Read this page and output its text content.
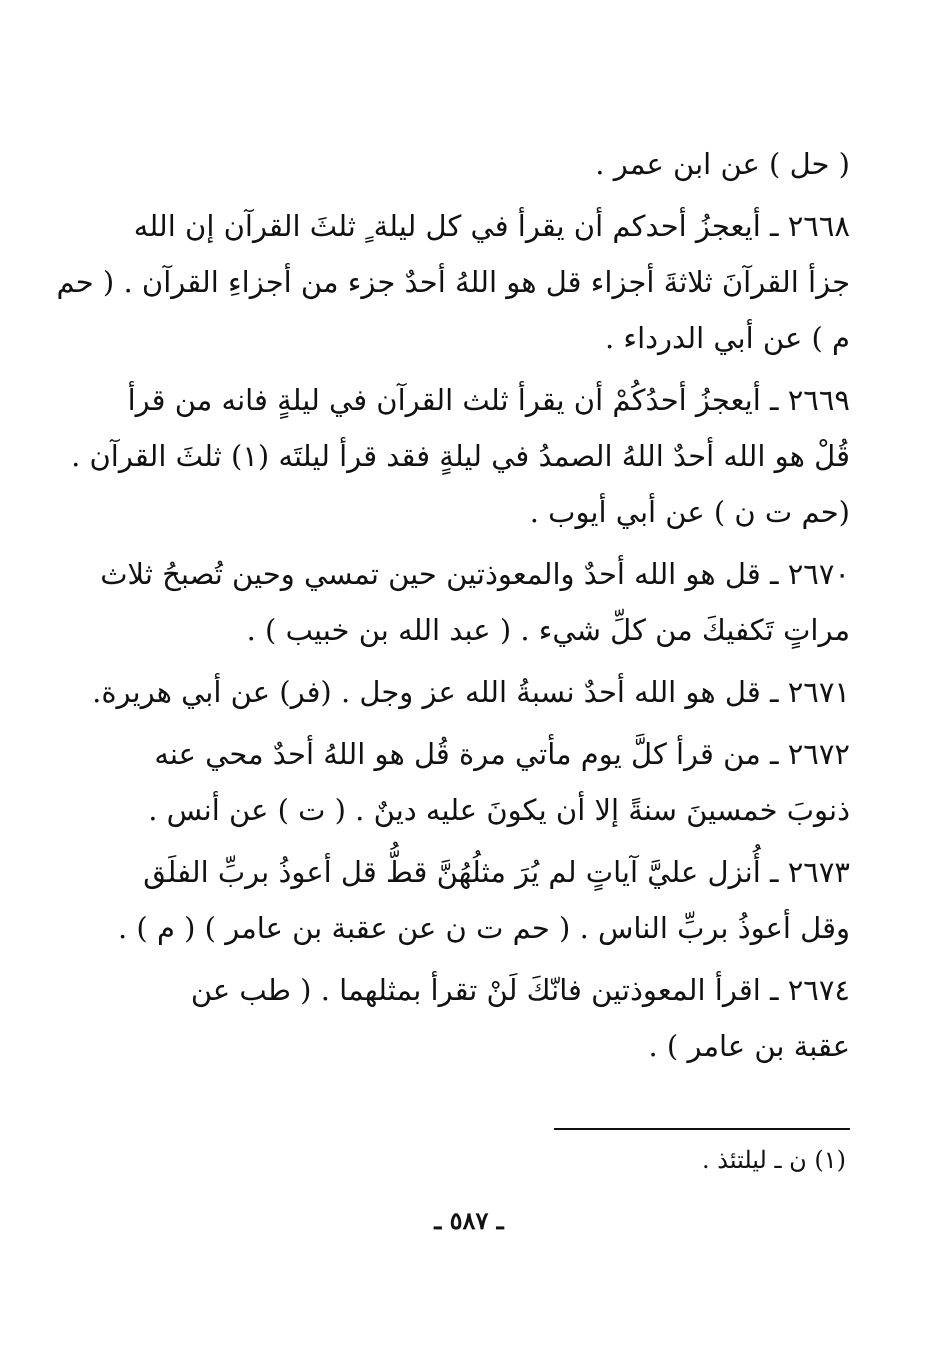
( حل ) عن ابن عمر .
٢٦٦٨ ـ أيعجزُ أحدكم أن يقرأ في كل ليلة ٍ ثلثَ القرآن إن الله
جزأ القرآنَ ثلاثةَ أجزاء قل هو اللهُ أحدٌ جزء من أجزاءِ القرآن . ( حم
م ) عن أبي الدرداء .
٢٦٦٩ ـ أيعجزُ أحدُكُمْ أن يقرأ ثلث القرآن في ليلةٍ فانه من قرأ
قُلْ هو الله أحدٌ اللهُ الصمدُ في ليلةٍ فقد قرأ ليلتَه (١) ثلثَ القرآن .
(حم ت ن ) عن أبي أيوب .
٢٦٧٠ ـ قل هو الله أحدٌ والمعوذتين حين تمسي وحين تُصبحُ ثلاث
مراتٍ تَكفيكَ من كلِّ شيء . ( عبد الله بن خبيب ) .
٢٦٧١ ـ قل هو الله أحدٌ نسبةُ الله عز وجل . (فر) عن أبي هريرة.
٢٦٧٢ ـ من قرأ كلَّ يوم مأتي مرة قُل هو اللهُ أحدٌ محي عنه
ذنوبَ خمسينَ سنةً إلا أن يكونَ عليه دينٌ . ( ت ) عن أنس .
٢٦٧٣ ـ أُنزل عليَّ آياتٍ لم يُرَ مثلُهُنَّ قطُّ قل أعوذُ بربِّ الفلَق
وقل أعوذُ بربِّ الناس . ( حم ت ن عن عقبة بن عامر ) ( م ) .
٢٦٧٤ ـ اقرأ المعوذتين فانّكَ لَنْ تقرأ بمثلهما . ( طب عن
عقبة بن عامر ) .
(١) ن ـ ليلتئذ .
ـ ٥٨٧ ـ
